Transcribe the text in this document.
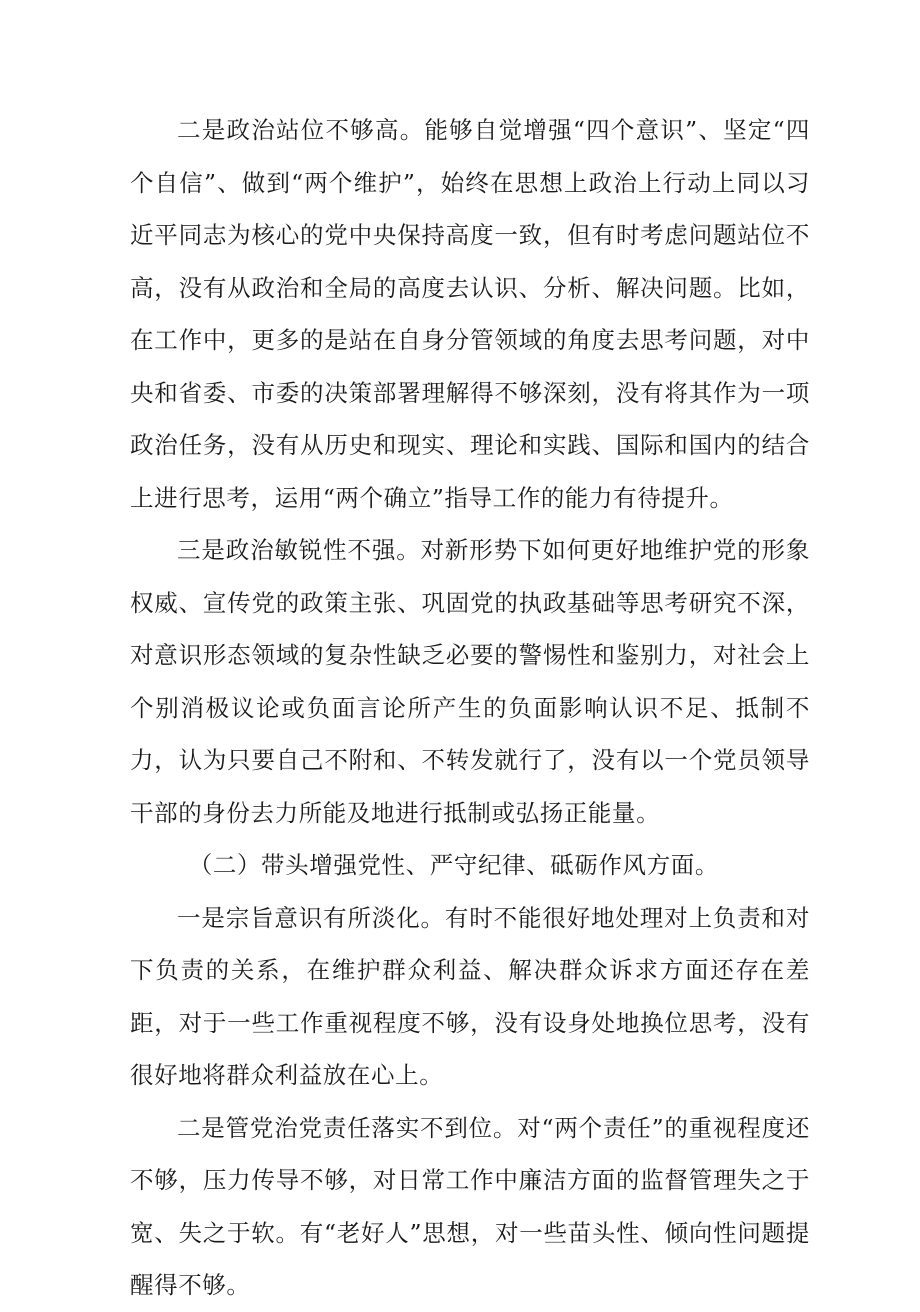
二是政治站位不够高。能够自觉增强“四个意识”、坚定“四个自信”、做到“两个维护”，始终在思想上政治上行动上同以习近平同志为核心的党中央保持高度一致，但有时考虑问题站位不高，没有从政治和全局的高度去认识、分析、解决问题。比如，在工作中，更多的是站在自身分管领域的角度去思考问题，对中央和省委、市委的决策部署理解得不够深刻，没有将其作为一项政治任务，没有从历史和现实、理论和实践、国际和国内的结合上进行思考，运用“两个确立”指导工作的能力有待提升。

三是政治敏锐性不强。对新形势下如何更好地维护党的形象权威、宣传党的政策主张、巩固党的执政基础等思考研究不深，对意识形态领域的复杂性缺乏必要的警惕性和鉴别力，对社会上个别消极议论或负面言论所产生的负面影响认识不足、抵制不力，认为只要自己不附和、不转发就行了，没有以一个党员领导干部的身份去力所能及地进行抵制或弘扬正能量。

（二）带头增强党性、严守纪律、砥砺作风方面。

一是宗旨意识有所淡化。有时不能很好地处理对上负责和对下负责的关系，在维护群众利益、解决群众诉求方面还存在差距，对于一些工作重视程度不够，没有设身处地换位思考，没有很好地将群众利益放在心上。

二是管党治党责任落实不到位。对“两个责任”的重视程度还不够，压力传导不够，对日常工作中廉洁方面的监督管理失之于宽、失之于软。有“老好人”思想，对一些苗头性、倾向性问题提醒得不够。
